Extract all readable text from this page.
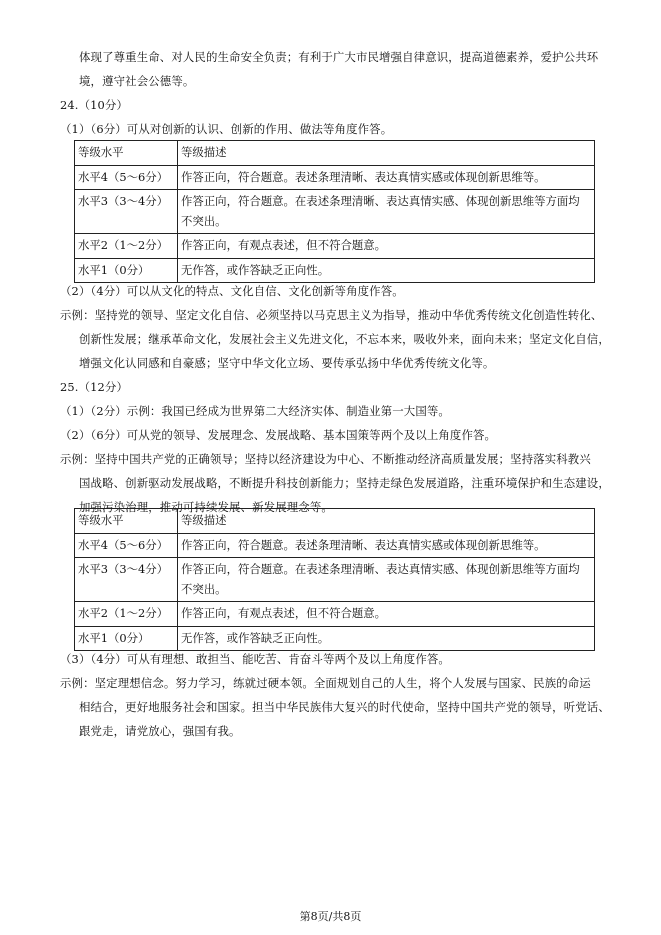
体现了尊重生命、对人民的生命安全负责；有利于广大市民增强自律意识，提高道德素养，爱护公共环
境，遵守社会公德等。
24.（10分）
（1）（6分）可从对创新的认识、创新的作用、做法等角度作答。
等级水平	等级描述
水平4（5～6分）	作答正向，符合题意。表述条理清晰、表达真情实感或体现创新思维等。
水平3（3～4分）	作答正向，符合题意。在表述条理清晰、表达真情实感、体现创新思维等方面均不突出。
水平2（1～2分）	作答正向，有观点表述，但不符合题意。
水平1（0分）	无作答，或作答缺乏正向性。
（2）（4分）可以从文化的特点、文化自信、文化创新等角度作答。
示例：坚持党的领导、坚定文化自信、必须坚持以马克思主义为指导，推动中华优秀传统文化创造性转化、
创新性发展；继承革命文化，发展社会主义先进文化，不忘本来，吸收外来，面向未来；坚定文化自信，
增强文化认同感和自豪感；坚守中华文化立场、要传承弘扬中华优秀传统文化等。
25.（12分）
（1）（2分）示例：我国已经成为世界第二大经济实体、制造业第一大国等。
（2）（6分）可从党的领导、发展理念、发展战略、基本国策等两个及以上角度作答。
示例：坚持中国共产党的正确领导；坚持以经济建设为中心、不断推动经济高质量发展；坚持落实科教兴
国战略、创新驱动发展战略，不断提升科技创新能力；坚持走绿色发展道路，注重环境保护和生态建设，
加强污染治理，推动可持续发展、新发展理念等。
等级水平	等级描述
水平4（5～6分）	作答正向，符合题意。表述条理清晰、表达真情实感或体现创新思维等。
水平3（3～4分）	作答正向，符合题意。在表述条理清晰、表达真情实感、体现创新思维等方面均不突出。
水平2（1～2分）	作答正向，有观点表述，但不符合题意。
水平1（0分）	无作答，或作答缺乏正向性。
（3）（4分）可从有理想、敢担当、能吃苦、肯奋斗等两个及以上角度作答。
示例：坚定理想信念。努力学习，练就过硬本领。全面规划自己的人生，将个人发展与国家、民族的命运
相结合，更好地服务社会和国家。担当中华民族伟大复兴的时代使命，坚持中国共产党的领导，听党话、
跟党走，请党放心，强国有我。
第8页/共8页
